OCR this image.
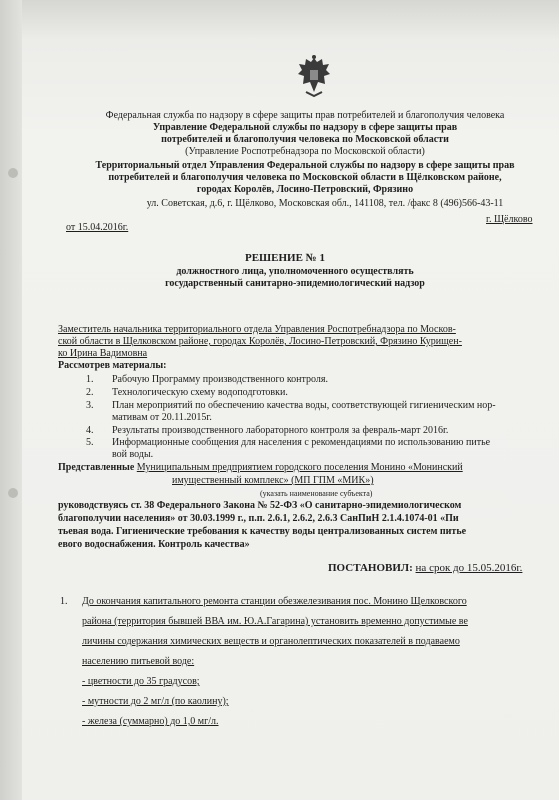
Федеральная служба по надзору в сфере защиты прав потребителей и благополучия человека
Управление Федеральной службы по надзору в сфере защиты прав
потребителей и благополучия человека по Московской области
(Управление Роспотребнадзора по Московской области)
Территориальный отдел Управления Федеральной службы по надзору в сфере защиты прав
потребителей и благополучия человека по Московской области в Щёлковском районе,
городах Королёв, Лосино-Петровский, Фрязино
ул. Советская, д.6, г. Щёлково, Московская обл., 141108, тел. /факс 8 (496)566-43-11
от 15.04.2016г.
г. Щёлково
РЕШЕНИЕ № 1
должностного лица, уполномоченного осуществлять
государственный санитарно-эпидемиологический надзор
Заместитель начальника территориального отдела Управления Роспотребнадзора по Москов-
ской области в Щелковском районе, городах Королёв, Лосино-Петровский, Фрязино Курищен-
ко Ирина Вадимовна
Рассмотрев материалы:
1. Рабочую Программу производственного контроля.
2. Технологическую схему водоподготовки.
3. План мероприятий по обеспечению качества воды, соответствующей гигиеническим нор-
мативам от 20.11.2015г.
4. Результаты производственного лабораторного контроля за февраль-март 2016г.
5. Информационные сообщения для населения с рекомендациями по использованию питье
вой воды.
Представленные Муниципальным предприятием городского поселения Монино «Монинский
имущественный комплекс» (МП ГПМ «МИК»)
(указать наименование субъекта)
руководствуясь ст. 38 Федерального Закона № 52-ФЗ «О санитарно-эпидемиологическом
благополучии населения» от 30.03.1999 г., п.п. 2.6.1, 2.6.2, 2.6.3 СанПиН 2.1.4.1074-01 «Пи
тьевая вода. Гигиенические требования к качеству воды централизованных систем питье
евого водоснабжения. Контроль качества»
ПОСТАНОВИЛ: на срок до 15.05.2016г.
1. До окончания капитального ремонта станции обезжелезивания пос. Монино Щелковского
района (территория бывшей ВВА им. Ю.А.Гагарина) установить временно допустимые ве
личины содержания химических веществ и органолептических показателей в подаваемо
населению питьевой воде:
- цветности до 35 градусов;
- мутности до 2 мг/л (по каолину);
- железа (суммарно) до 1,0 мг/л.
